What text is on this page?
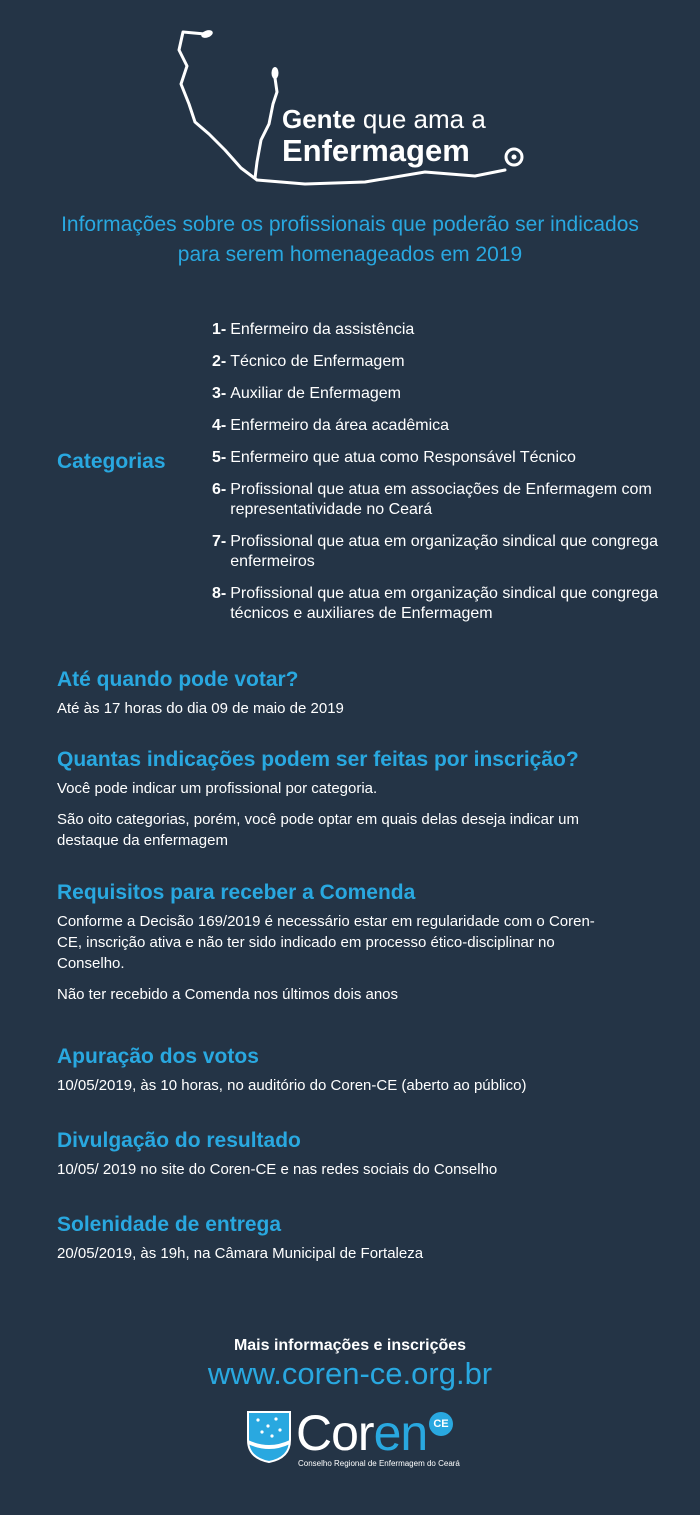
Gente que ama a
Enfermagem
Informações sobre os profissionais que poderão ser indicados para serem homenageados em 2019
Categorias
1- Enfermeiro da assistência
2- Técnico de Enfermagem
3- Auxiliar de Enfermagem
4- Enfermeiro da área acadêmica
5- Enfermeiro que atua como Responsável Técnico
6- Profissional que atua em associações de Enfermagem com representatividade no Ceará
7- Profissional que atua em organização sindical que congrega enfermeiros
8- Profissional que atua em organização sindical que congrega técnicos e auxiliares de Enfermagem
Até quando pode votar?

Até às 17 horas do dia 09 de maio de 2019

Quantas indicações podem ser feitas por inscrição?

Você pode indicar um profissional por categoria.

São oito categorias, porém, você pode optar em quais delas deseja indicar um destaque da enfermagem

Requisitos para receber a Comenda

Conforme a Decisão 169/2019 é necessário estar em regularidade com o Coren-CE, inscrição ativa e não ter sido indicado em processo ético-disciplinar no Conselho.

Não ter recebido a Comenda nos últimos dois anos

Apuração dos votos

10/05/2019, às 10 horas, no auditório do Coren-CE (aberto ao público)

Divulgação do resultado

10/05/ 2019 no site do Coren-CE e nas redes sociais do Conselho

Solenidade de entrega

20/05/2019, às 19h, na Câmara Municipal de Fortaleza

Mais informações e inscrições
www.coren-ce.org.br
Coren CE
Conselho Regional de Enfermagem do Ceará
